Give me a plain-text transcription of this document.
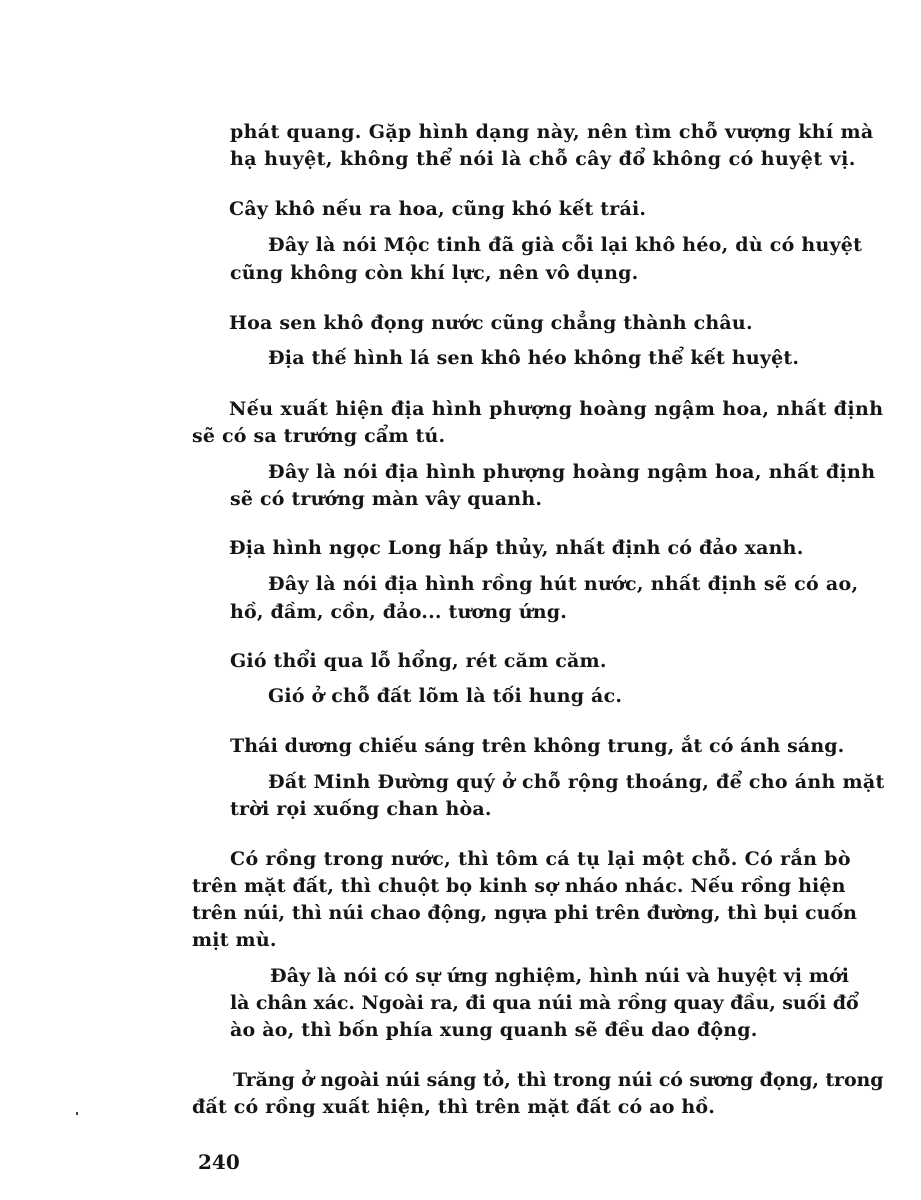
phát quang. Gặp hình dạng này, nên tìm chỗ vượng khí mà

hạ huyệt, không thể nói là chỗ cây đổ không có huyệt vị.

Cây khô nếu ra hoa, cũng khó kết trái.

Đây là nói Mộc tinh đã già cỗi lại khô héo, dù có huyệt

cũng không còn khí lực, nên vô dụng.

Hoa sen khô đọng nước cũng chẳng thành châu.

Địa thế hình lá sen khô héo không thể kết huyệt.

Nếu xuất hiện địa hình phượng hoàng ngậm hoa, nhất định

sẽ có sa trướng cẩm tú.

Đây là nói địa hình phượng hoàng ngậm hoa, nhất định

sẽ có trướng màn vây quanh.

Địa hình ngọc Long hấp thủy, nhất định có đảo xanh.

Đây là nói địa hình rồng hút nước, nhất định sẽ có ao,

hồ, đầm, cồn, đảo... tương ứng.

Gió thổi qua lỗ hổng, rét căm căm.

Gió ở chỗ đất lõm là tối hung ác.

Thái dương chiếu sáng trên không trung, ắt có ánh sáng.

Đất Minh Đường quý ở chỗ rộng thoáng, để cho ánh mặt

trời rọi xuống chan hòa.

Có rồng trong nước, thì tôm cá tụ lại một chỗ. Có rắn bò

trên mặt đất, thì chuột bọ kinh sợ nháo nhác. Nếu rồng hiện

trên núi, thì núi chao động, ngựa phi trên đường, thì bụi cuốn

mịt mù.

Đây là nói có sự ứng nghiệm, hình núi và huyệt vị mới

là chân xác. Ngoài ra, đi qua núi mà rồng quay đầu, suối đổ

ào ào, thì bốn phía xung quanh sẽ đều dao động.

Trăng ở ngoài núi sáng tỏ, thì trong núi có sương đọng, trong

đất có rồng xuất hiện, thì trên mặt đất có ao hồ.

240
